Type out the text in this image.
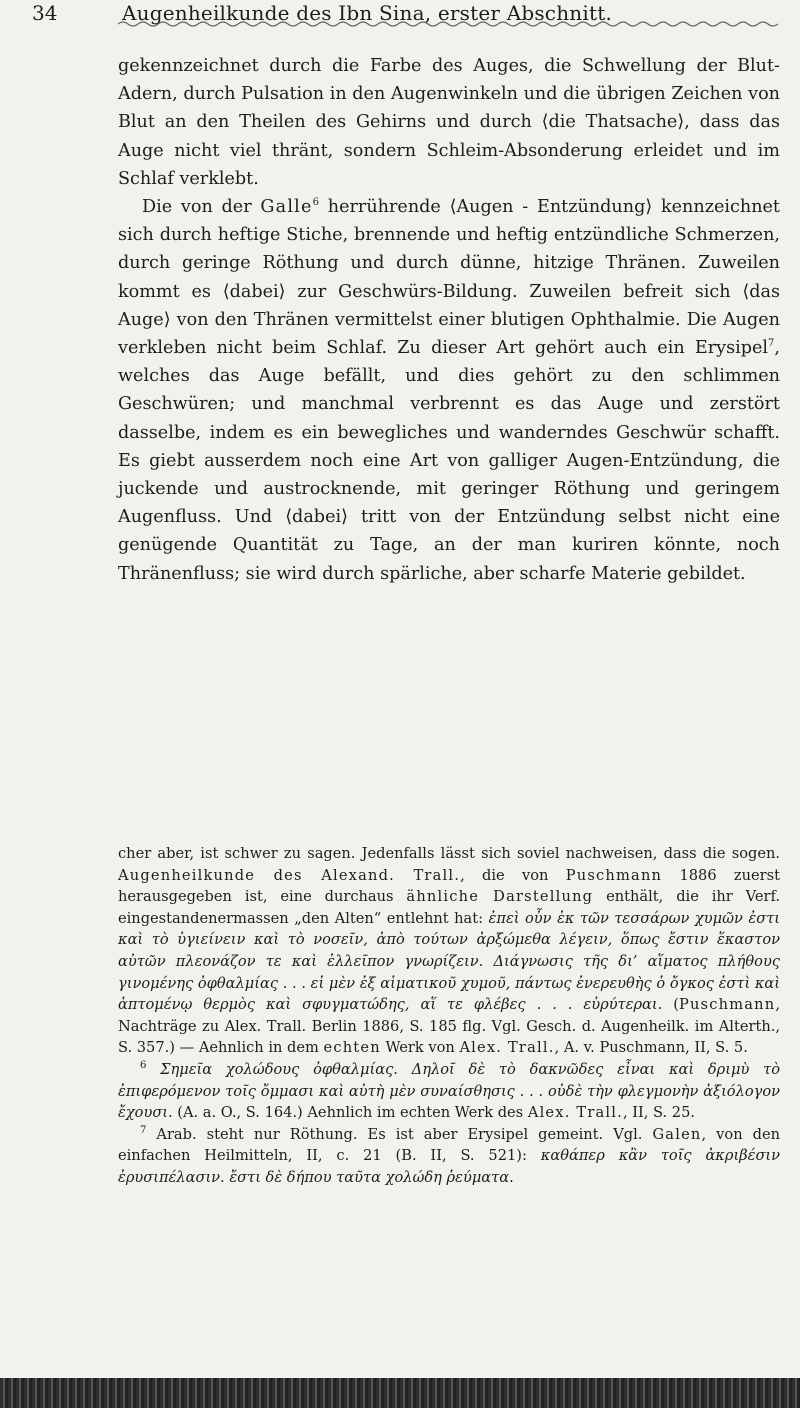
34	Augenheilkunde des Ibn Sina, erster Abschnitt.

gekennzeichnet durch die Farbe des Auges, die Schwellung der Blut-Adern, durch Pulsation in den Augenwinkeln und die übrigen Zeichen von Blut an den Theilen des Gehirns und durch ⟨die Thatsache⟩, dass das Auge nicht viel thränt, sondern Schleim-Absonderung erleidet und im Schlaf verklebt.

Die von der Galle$^6$ herrührende ⟨Augen - Entzündung⟩ kennzeichnet sich durch heftige Stiche, brennende und heftig entzündliche Schmerzen, durch geringe Röthung und durch dünne, hitzige Thränen. Zuweilen kommt es ⟨dabei⟩ zur Geschwürs-Bildung. Zuweilen befreit sich ⟨das Auge⟩ von den Thränen vermittelst einer blutigen Ophthalmie. Die Augen verkleben nicht beim Schlaf. Zu dieser Art gehört auch ein Erysipel$^7$, welches das Auge befällt, und dies gehört zu den schlimmen Geschwüren; und manchmal verbrennt es das Auge und zerstört dasselbe, indem es ein bewegliches und wanderndes Geschwür schafft. Es giebt ausserdem noch eine Art von galliger Augen-Entzündung, die juckende und austrocknende, mit geringer Röthung und geringem Augenfluss. Und ⟨dabei⟩ tritt von der Entzündung selbst nicht eine genügende Quantität zu Tage, an der man kuriren könnte, noch Thränenfluss; sie wird durch spärliche, aber scharfe Materie gebildet.

cher aber, ist schwer zu sagen. Jedenfalls lässt sich soviel nachweisen, dass die sogen. Augenheilkunde des Alexand. Trall., die von Puschmann 1886 zuerst herausgegeben ist, eine durchaus ähnliche Darstellung enthält, die ihr Verf. eingestandenermassen „den Alten“ entlehnt hat: ἐπεὶ οὖν ἐκ τῶν τεσσάρων χυμῶν ἐστι καὶ τὸ ὑγιείνειν καὶ τὸ νοσεῖν, ἀπὸ τούτων ἀρξώμεθα λέγειν, ὅπως ἔστιν ἕκαστον αὐτῶν πλεονάζον τε καὶ ἐλλεῖπον γνωρίζειν. Διάγνωσις τῆς δι’ αἵματος πλήθους γινομένης ὀφθαλμίας . . . εἰ μὲν ἐξ αἱματικοῦ χυμοῦ, πάντως ἐνερευθὴς ὁ ὄγκος ἐστὶ καὶ ἁπτομένῳ θερμὸς καὶ σφυγματώδης, αἵ τε φλέβες . . . εὐρύτεραι. (Puschmann, Nachträge zu Alex. Trall. Berlin 1886, S. 185 flg. Vgl. Gesch. d. Augenheilk. im Alterth., S. 357.) — Aehnlich in dem echten Werk von Alex. Trall., A. v. Puschmann, II, S. 5.

$^6$ Σημεῖα χολώδους ὀφθαλμίας. Δηλοῖ δὲ τὸ δακνῶδες εἶναι καὶ δριμὺ τὸ ἐπιφερόμενον τοῖς ὄμμασι καὶ αὐτὴ μὲν συναίσθησις . . . οὐδὲ τὴν φλεγμονὴν ἀξιόλογον ἔχουσι. (A. a. O., S. 164.) Aehnlich im echten Werk des Alex. Trall., II, S. 25.

$^7$ Arab. steht nur Röthung. Es ist aber Erysipel gemeint. Vgl. Galen, von den einfachen Heilmitteln, II, c. 21 (B. II, S. 521): καθάπερ κἂν τοῖς ἀκριβέσιν ἐρυσιπέλασιν. ἔστι δὲ δήπου ταῦτα χολώδη ῥεύματα.
